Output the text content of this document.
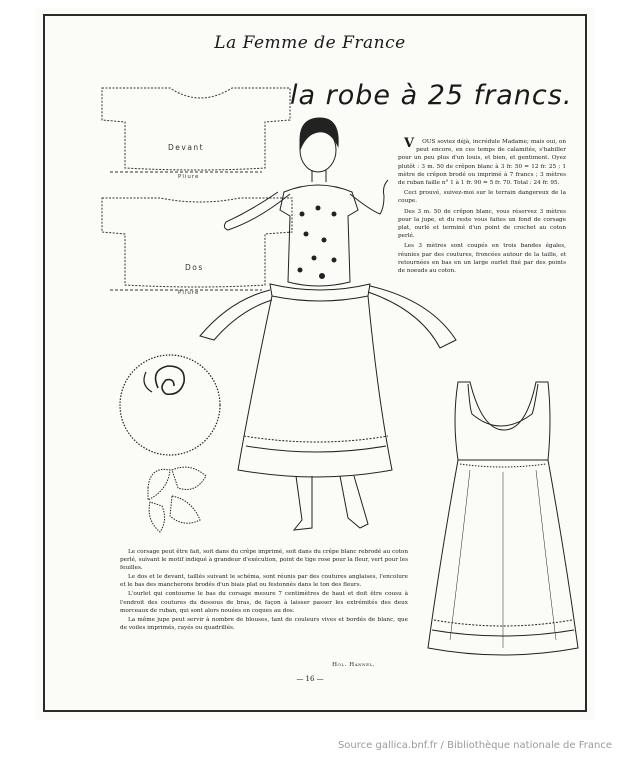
La Femme de France
la robe à 25 francs.
Devant
Pliure
Dos
Pliure

V OUS soviez déjà, incrédule Madame; mais oui, on peut encore, en ces temps de calamités, s'habiller pour un peu plus d'un louis, et bien, et gentiment. Oyez plutôt : 3 m. 50 de crêpon blanc à 3 fr. 50 = 12 fr. 25 ; 1 mètre de crêpon brodé ou imprimé à 7 francs ; 3 mètres de ruban faille n° 1 à 1 fr. 90 = 5 fr. 70. Total : 24 fr. 95.

Ceci prouvé, suivez-moi sur le terrain dangereux de la coupe.

Des 3 m. 50 de crêpon blanc, vous réservez 3 mètres pour la jupe, et du reste vous faites un fond de corsage plat, ourlé et terminé d'un point de crochet au coton perlé.

Les 3 mètres sont coupés en trois bandes égales, réunies par des coutures, froncées autour de la taille, et retournées en bas en un large ourlet fixé par des points de noeuds au coton.

Le corsage peut être fait, soit dans du crêpe imprimé, soit dans du crêpe blanc rebrodé au coton perlé, suivant le motif indiqué à grandeur d'exécution, point de tige rose pour la fleur, vert pour les feuilles.

Le dos et le devant, taillés suivant le schéma, sont réunis par des coutures anglaises, l'encolure et le bas des mancherons brodés d'un biais plat ou festonnés dans le ton des fleurs.

L'ourlet qui contourne le bas du corsage mesure 7 centimètres de haut et doit être cousu à l'endroit des coutures du dessous de bras, de façon à laisser passer les extrémités des deux morceaux de ruban, qui sont alors nouées en coques au dos.

La même jupe peut servir à nombre de blouses, tant de couleurs vives et bordés de blanc, que de voiles imprimés, rayés ou quadrillés.

Hol. Hannel.
— 16 —
Source gallica.bnf.fr / Bibliothèque nationale de France
